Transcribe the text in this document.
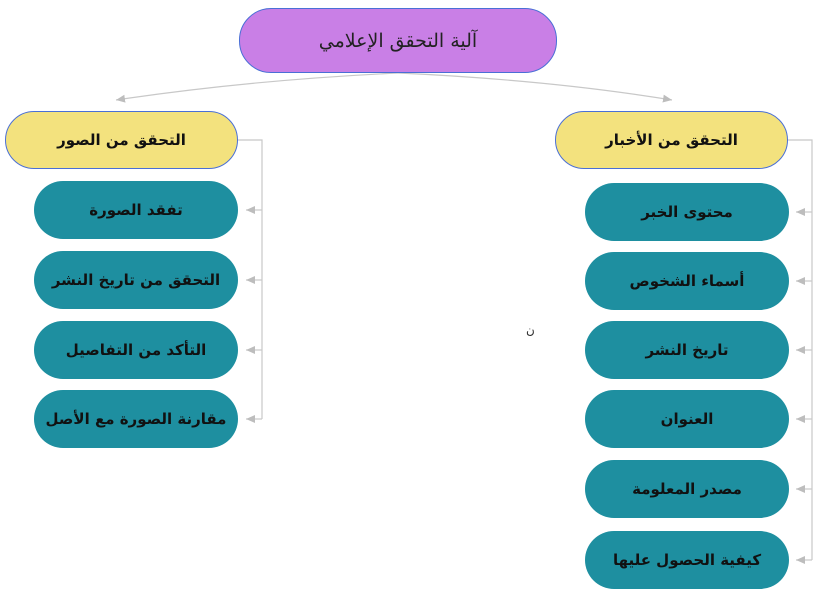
آلية التحقق الإعلامي
التحقق من الأخبار
التحقق من الصور
محتوى الخبر
أسماء الشخوص
تاريخ النشر
العنوان
مصدر المعلومة
كيفية الحصول عليها
تفقد الصورة
التحقق من تاريخ النشر
التأكد من التفاصيل
مقارنة الصورة مع الأصل
ن
